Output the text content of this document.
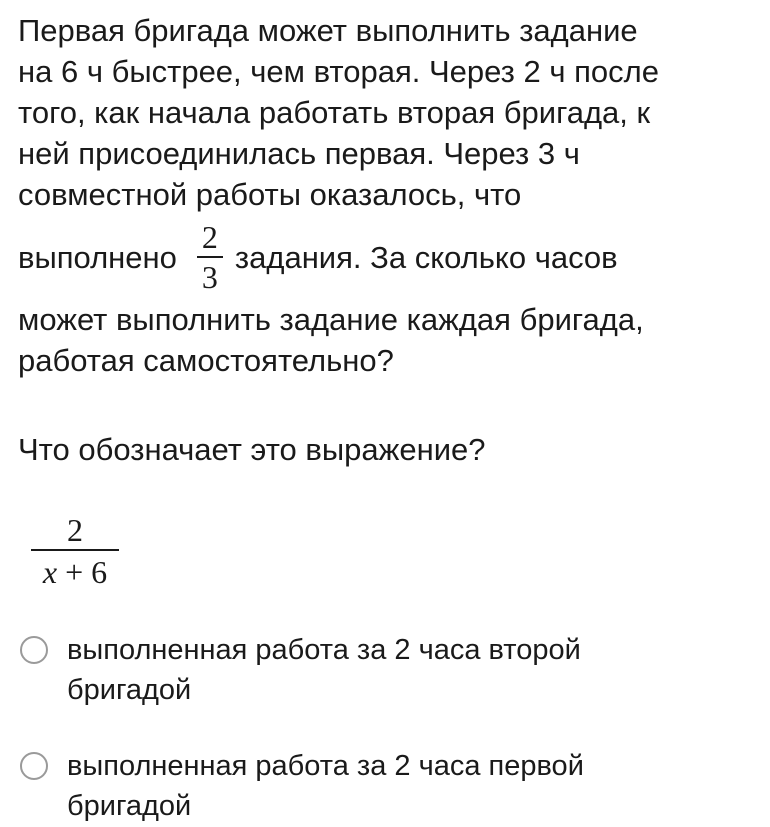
Первая бригада может выполнить задание
на 6 ч быстрее, чем вторая. Через 2 ч после
того, как начала работать вторая бригада, к
ней присоединилась первая. Через 3 ч
совместной работы оказалось, что
выполнено $\frac{2}{3}$ задания. За сколько часов
может выполнить задание каждая бригада,
работая самостоятельно?
Что обозначает это выражение?
2
x + 6
выполненная работа за 2 часа второй бригадой
выполненная работа за 2 часа первой бригадой
